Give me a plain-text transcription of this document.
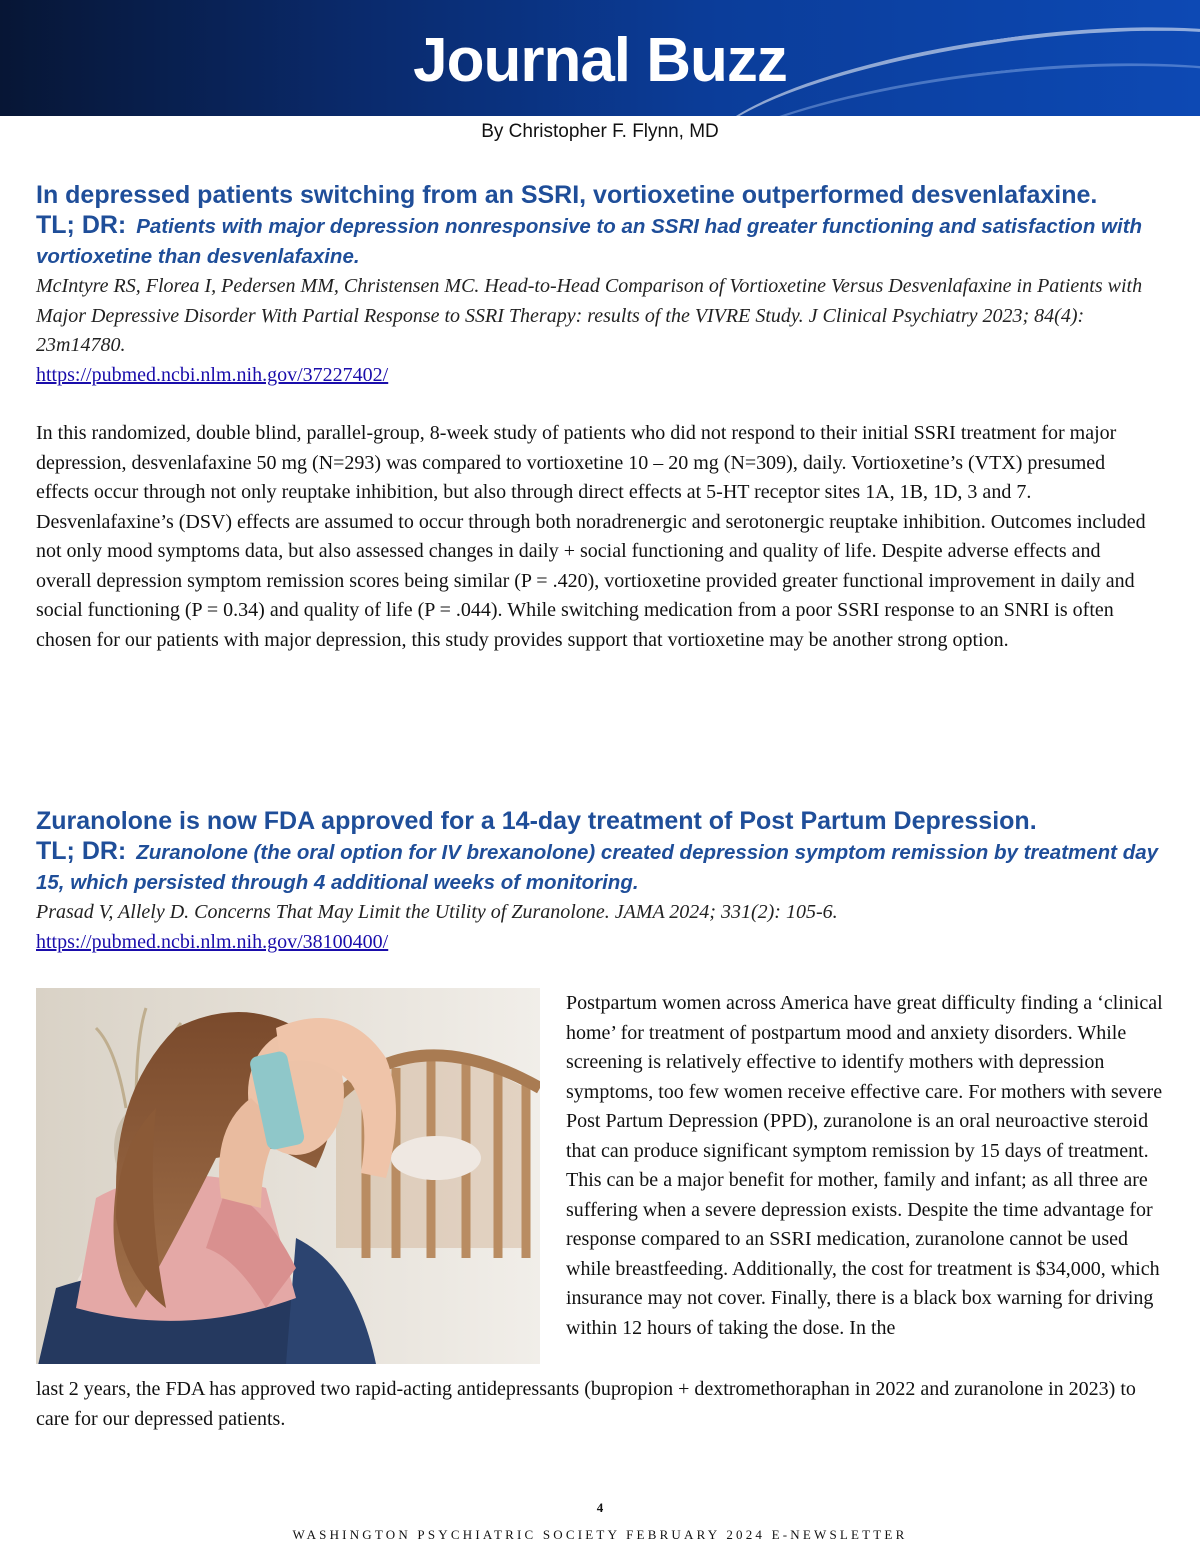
Journal Buzz
By Christopher F. Flynn, MD

In depressed patients switching from an SSRI, vortioxetine outperformed desvenlafaxine.

TL; DR: Patients with major depression nonresponsive to an SSRI had greater functioning and satisfaction with vortioxetine than desvenlafaxine.

McIntyre RS, Florea I, Pedersen MM, Christensen MC. Head-to-Head Comparison of Vortioxetine Versus Desvenlafaxine in Patients with Major Depressive Disorder With Partial Response to SSRI Therapy: results of the VIVRE Study. J Clinical Psychiatry 2023; 84(4): 23m14780.

https://pubmed.ncbi.nlm.nih.gov/37227402/

In this randomized, double blind, parallel-group, 8-week study of patients who did not respond to their initial SSRI treatment for major depression, desvenlafaxine 50 mg (N=293) was compared to vortioxetine 10 – 20 mg (N=309), daily. Vortioxetine’s (VTX) presumed effects occur through not only reuptake inhibition, but also through direct effects at 5-HT receptor sites 1A, 1B, 1D, 3 and 7. Desvenlafaxine’s (DSV) effects are assumed to occur through both noradrenergic and serotonergic reuptake inhibition. Outcomes included not only mood symptoms data, but also assessed changes in daily + social functioning and quality of life. Despite adverse effects and overall depression symptom remission scores being similar (P = .420), vortioxetine provided greater functional improvement in daily and social functioning (P = 0.34) and quality of life (P = .044). While switching medication from a poor SSRI response to an SNRI is often chosen for our patients with major depression, this study provides support that vortioxetine may be another strong option.

Zuranolone is now FDA approved for a 14-day treatment of Post Partum Depression.

TL; DR: Zuranolone (the oral option for IV brexanolone) created depression symptom remission by treatment day 15, which persisted through 4 additional weeks of monitoring.

Prasad V, Allely D. Concerns That May Limit the Utility of Zuranolone. JAMA 2024; 331(2): 105-6.

https://pubmed.ncbi.nlm.nih.gov/38100400/
Postpartum women across America have great difficulty finding a ‘clinical home’ for treatment of postpartum mood and anxiety disorders. While screening is relatively effective to identify mothers with depression symptoms, too few women receive effective care. For mothers with severe Post Partum Depression (PPD), zuranolone is an oral neuroactive steroid that can produce significant symptom remission by 15 days of treatment. This can be a major benefit for mother, family and infant; as all three are suffering when a severe depression exists. Despite the time advantage for response compared to an SSRI medication, zuranolone cannot be used while breastfeeding. Additionally, the cost for treatment is $34,000, which insurance may not cover. Finally, there is a black box warning for driving within 12 hours of taking the dose. In the
last 2 years, the FDA has approved two rapid-acting antidepressants (bupropion + dextromethoraphan in 2022 and zuranolone in 2023) to care for our depressed patients.
4
WASHINGTON PSYCHIATRIC SOCIETY FEBRUARY 2024 E-NEWSLETTER
